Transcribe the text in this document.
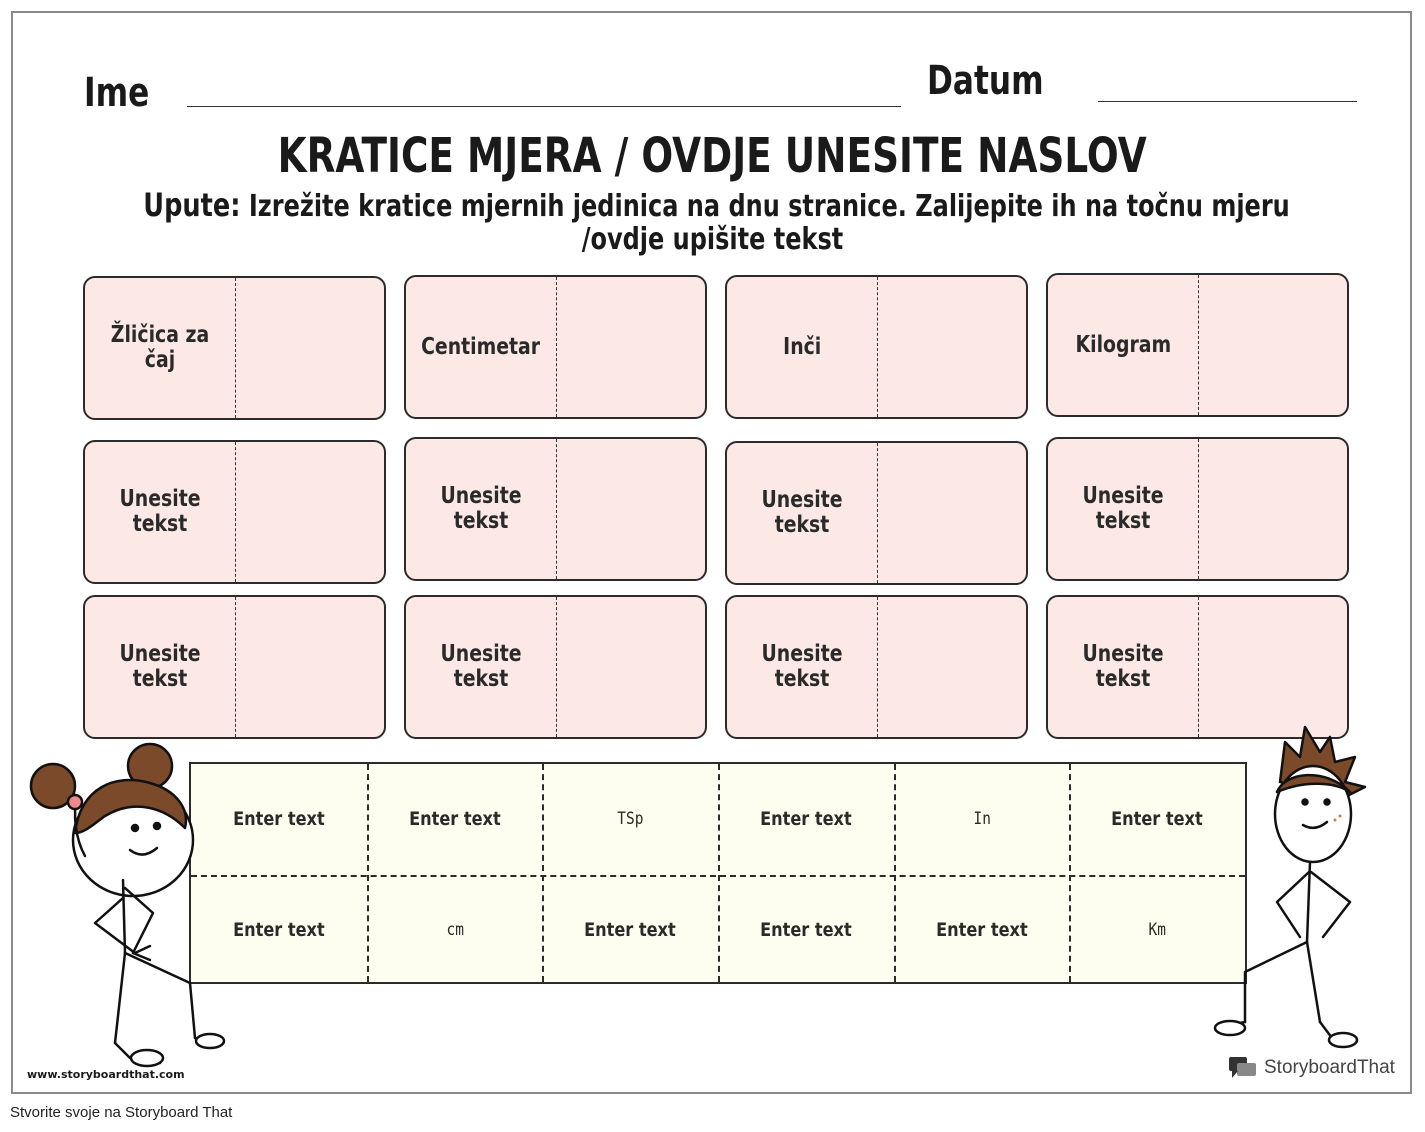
Ime	Datum
KRATICE MJERA / OVDJE UNESITE NASLOV
Upute: Izrežite kratice mjernih jedinica na dnu stranice. Zalijepite ih na točnu mjeru
/ovdje upišite tekst
Žličica za čaj
Centimetar	Inči	Kilogram
Unesite tekst
Unesite tekst
Unesite tekst
Unesite tekst
Unesite tekst
Unesite tekst
Unesite tekst
Unesite tekst
Enter text	Enter text	TSp	Enter text	In	Enter text
Enter text	cm	Enter text	Enter text	Enter text	Km
www.storyboardthat.com	StoryboardThat
Stvorite svoje na Storyboard That
